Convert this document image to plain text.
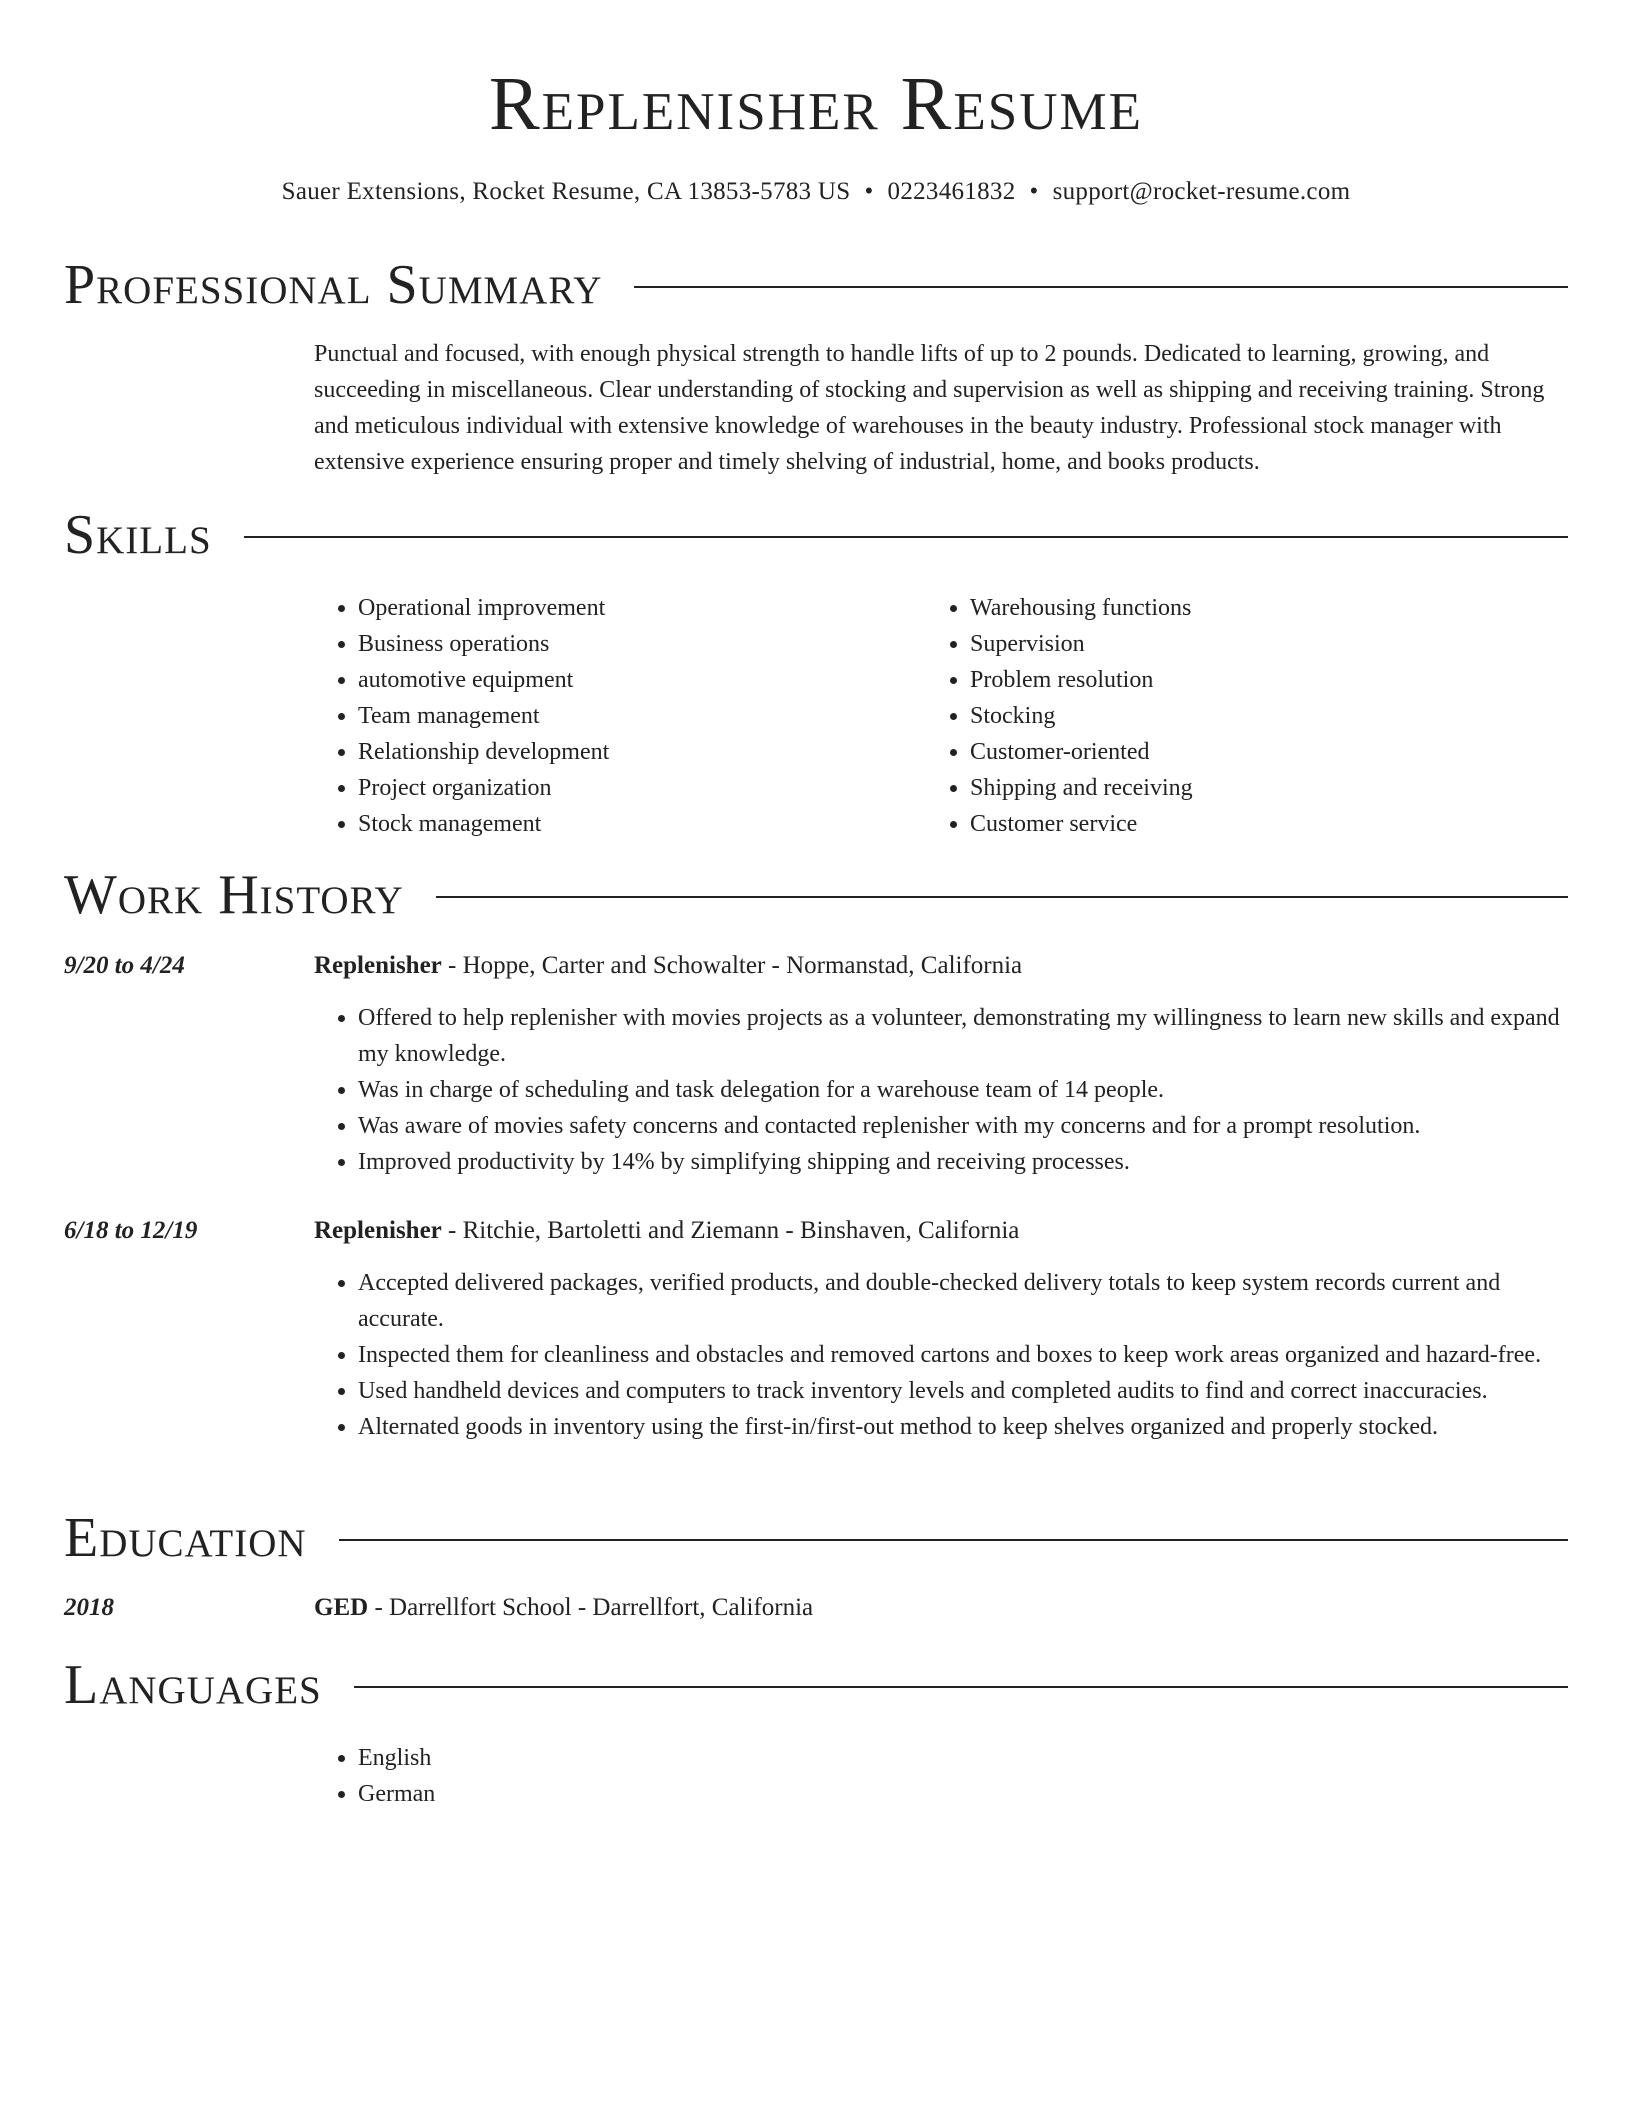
Replenisher Resume
Sauer Extensions, Rocket Resume, CA 13853-5783 US • 0223461832 • support@rocket-resume.com
Professional Summary

Punctual and focused, with enough physical strength to handle lifts of up to 2 pounds. Dedicated to learning, growing, and succeeding in miscellaneous. Clear understanding of stocking and supervision as well as shipping and receiving training. Strong and meticulous individual with extensive knowledge of warehouses in the beauty industry. Professional stock manager with extensive experience ensuring proper and timely shelving of industrial, home, and books products.

Skills
• Operational improvement
• Business operations
• automotive equipment
• Team management
• Relationship development
• Project organization
• Stock management
• Warehousing functions
• Supervision
• Problem resolution
• Stocking
• Customer-oriented
• Shipping and receiving
• Customer service
Work History
9/20 to 4/24	Replenisher - Hoppe, Carter and Schowalter - Normanstad, California
• Offered to help replenisher with movies projects as a volunteer, demonstrating my willingness to learn new skills and expand my knowledge.
• Was in charge of scheduling and task delegation for a warehouse team of 14 people.
• Was aware of movies safety concerns and contacted replenisher with my concerns and for a prompt resolution.
• Improved productivity by 14% by simplifying shipping and receiving processes.
6/18 to 12/19	Replenisher - Ritchie, Bartoletti and Ziemann - Binshaven, California
• Accepted delivered packages, verified products, and double-checked delivery totals to keep system records current and accurate.
• Inspected them for cleanliness and obstacles and removed cartons and boxes to keep work areas organized and hazard-free.
• Used handheld devices and computers to track inventory levels and completed audits to find and correct inaccuracies.
• Alternated goods in inventory using the first-in/first-out method to keep shelves organized and properly stocked.
Education
2018	GED - Darrellfort School - Darrellfort, California
Languages
• English
• German
